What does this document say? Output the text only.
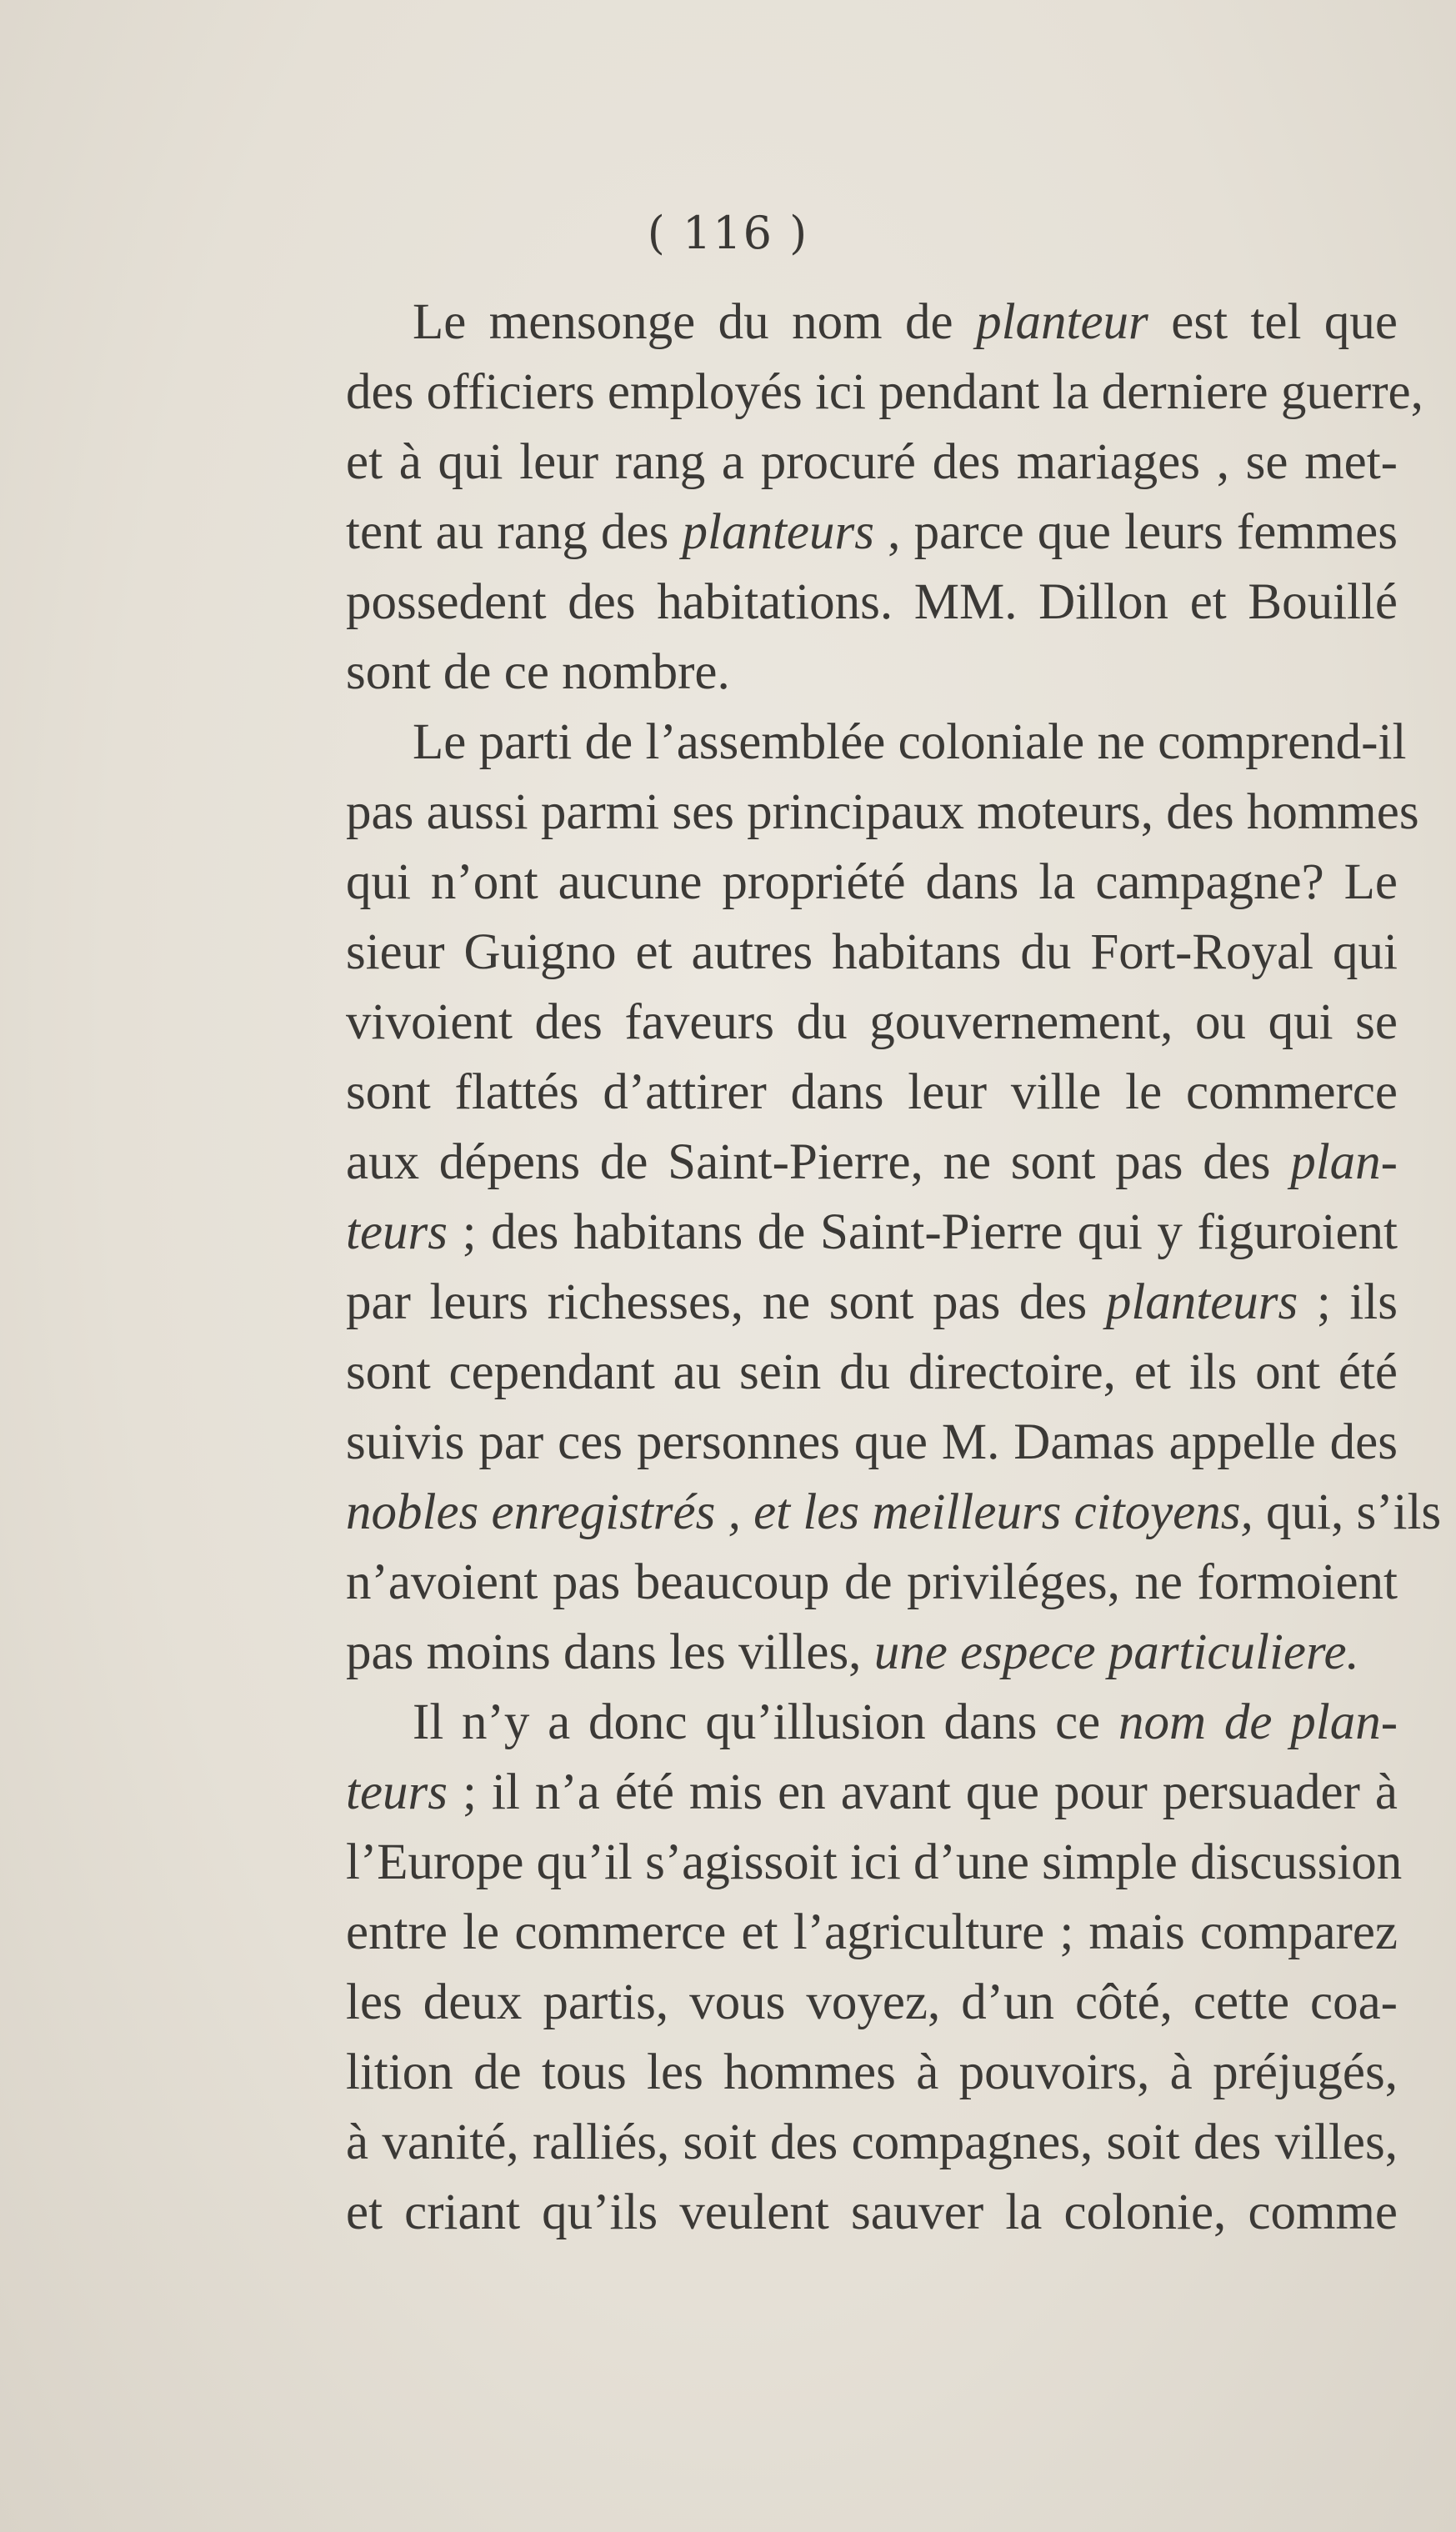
( 116 )
Le mensonge du nom de planteur est tel que
des officiers employés ici pendant la derniere guerre,
et à qui leur rang a procuré des mariages , se met-
tent au rang des planteurs , parce que leurs femmes
possedent des habitations. MM. Dillon et Bouillé
sont de ce nombre.
Le parti de l’assemblée coloniale ne comprend-il
pas aussi parmi ses principaux moteurs, des hommes
qui n’ont aucune propriété dans la campagne? Le
sieur Guigno et autres habitans du Fort-Royal qui
vivoient des faveurs du gouvernement, ou qui se
sont flattés d’attirer dans leur ville le commerce
aux dépens de Saint-Pierre, ne sont pas des plan-
teurs ; des habitans de Saint-Pierre qui y figuroient
par leurs richesses, ne sont pas des planteurs ; ils
sont cependant au sein du directoire, et ils ont été
suivis par ces personnes que M. Damas appelle des
nobles enregistrés , et les meilleurs citoyens, qui, s’ils
n’avoient pas beaucoup de priviléges, ne formoient
pas moins dans les villes, une espece particuliere.
Il n’y a donc qu’illusion dans ce nom de plan-
teurs ; il n’a été mis en avant que pour persuader à
l’Europe qu’il s’agissoit ici d’une simple discussion
entre le commerce et l’agriculture ; mais comparez
les deux partis, vous voyez, d’un côté, cette coa-
lition de tous les hommes à pouvoirs, à préjugés,
à vanité, ralliés, soit des compagnes, soit des villes,
et criant qu’ils veulent sauver la colonie, comme
